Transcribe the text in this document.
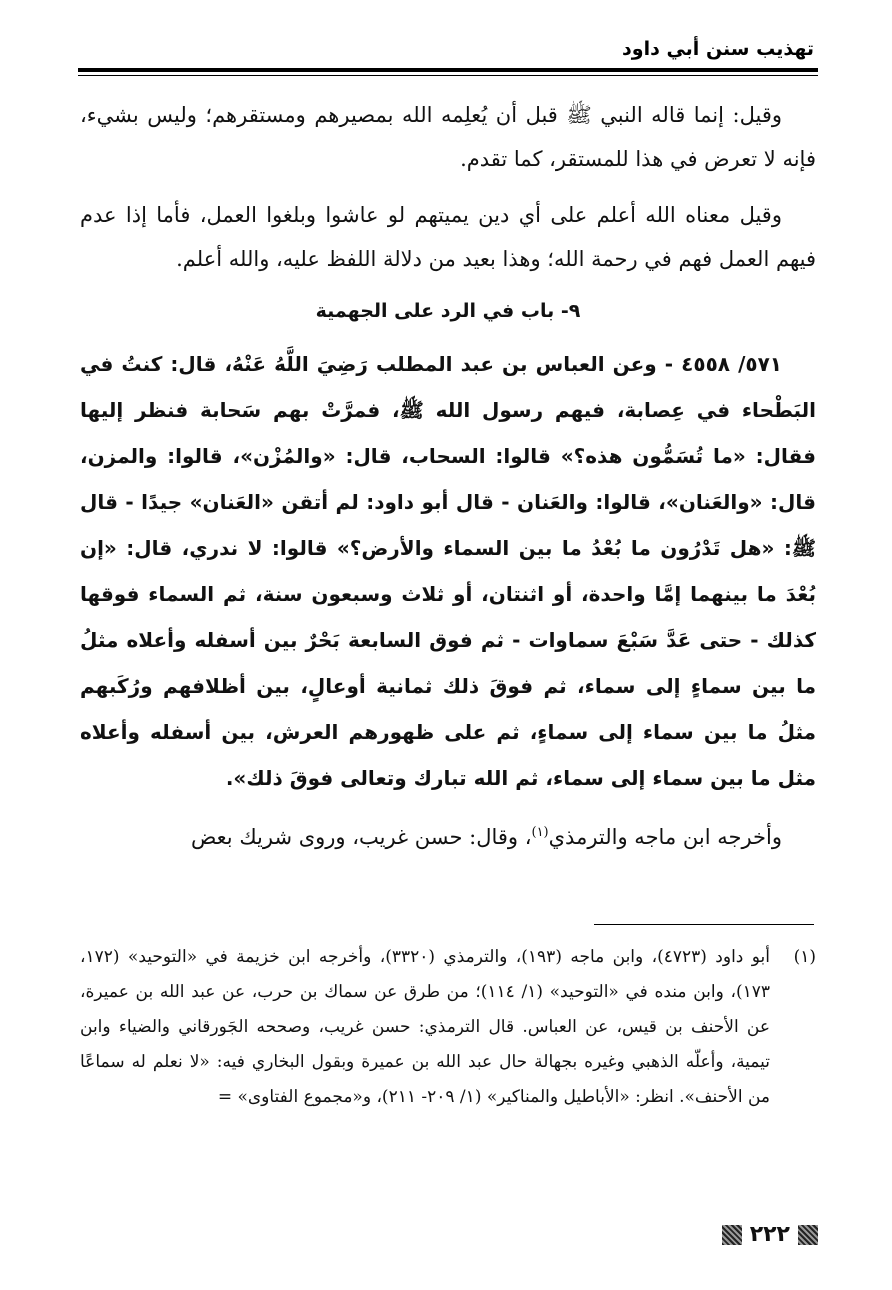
تهذيب سنن أبي داود

وقيل: إنما قاله النبي ﷺ قبل أن يُعلِمه الله بمصيرهم ومستقرهم؛ وليس بشيء، فإنه لا تعرض في هذا للمستقر، كما تقدم.

وقيل معناه الله أعلم على أي دين يميتهم لو عاشوا وبلغوا العمل، فأما إذا عدم فيهم العمل فهم في رحمة الله؛ وهذا بعيد من دلالة اللفظ عليه، والله أعلم.

٩- باب في الرد على الجهمية

٥٧١/ ٤٥٥٨ - وعن العباس بن عبد المطلب رَضِيَ اللَّهُ عَنْهُ، قال: كنتُ في البَطْحاء في عِصابة، فيهم رسول الله ﷺ، فمرَّتْ بهم سَحابة فنظر إليها فقال: «ما تُسَمُّون هذه؟» قالوا: السحاب، قال: «والمُزْن»، قالوا: والمزن، قال: «والعَنان»، قالوا: والعَنان - قال أبو داود: لم أتقن «العَنان» جيدًا - قال ﷺ: «هل تَدْرُون ما بُعْدُ ما بين السماء والأرض؟» قالوا: لا ندري، قال: «إن بُعْدَ ما بينهما إمَّا واحدة، أو اثنتان، أو ثلاث وسبعون سنة، ثم السماء فوقها كذلك - حتى عَدَّ سَبْعَ سماوات - ثم فوق السابعة بَحْرٌ بين أسفله وأعلاه مثلُ ما بين سماءٍ إلى سماء، ثم فوقَ ذلك ثمانية أوعالٍ، بين أظلافهم ورُكَبهم مثلُ ما بين سماء إلى سماءٍ، ثم على ظهورهم العرش، بين أسفله وأعلاه مثل ما بين سماء إلى سماء، ثم الله تبارك وتعالى فوقَ ذلك».

وأخرجه ابن ماجه والترمذي$^{(١)}$، وقال: حسن غريب، وروى شريك بعض

(١)
أبو داود (٤٧٢٣)، وابن ماجه (١٩٣)، والترمذي (٣٣٢٠)، وأخرجه ابن خزيمة في «التوحيد» (١٧٢، ١٧٣)، وابن منده في «التوحيد» (١/ ١١٤)؛ من طرق عن سماك بن حرب، عن عبد الله بن عميرة، عن الأحنف بن قيس، عن العباس. قال الترمذي: حسن غريب، وصححه الجَورقاني والضياء وابن تيمية، وأعلّه الذهبي وغيره بجهالة حال عبد الله بن عميرة وبقول البخاري فيه: «لا نعلم له سماعًا من الأحنف». انظر: «الأباطيل والمناكير» (١/ ٢٠٩- ٢١١)، و«مجموع الفتاوى» =
٢٢٢
